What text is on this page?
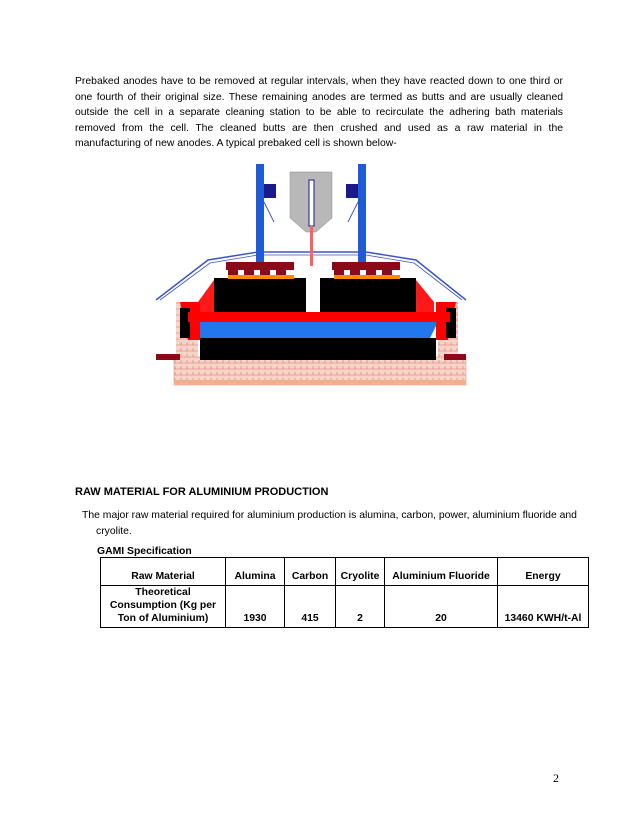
Prebaked anodes have to be removed at regular intervals, when they have reacted down to one third or one fourth of their original size. These remaining anodes are termed as butts and are usually cleaned outside the cell in a separate cleaning station to be able to recirculate the adhering bath materials removed from the cell. The cleaned butts are then crushed and used as a raw material in the manufacturing of new anodes. A typical prebaked cell is shown below-

RAW MATERIAL FOR ALUMINIUM PRODUCTION

The major raw material required for aluminium production is alumina, carbon, power, aluminium fluoride and cryolite.

GAMI Specification

Raw Material	Alumina	Carbon	Cryolite	Aluminium Fluoride	Energy
Theoretical Consumption (Kg per Ton of Aluminium)	1930	415	2	20	13460 KWH/t-Al

2
